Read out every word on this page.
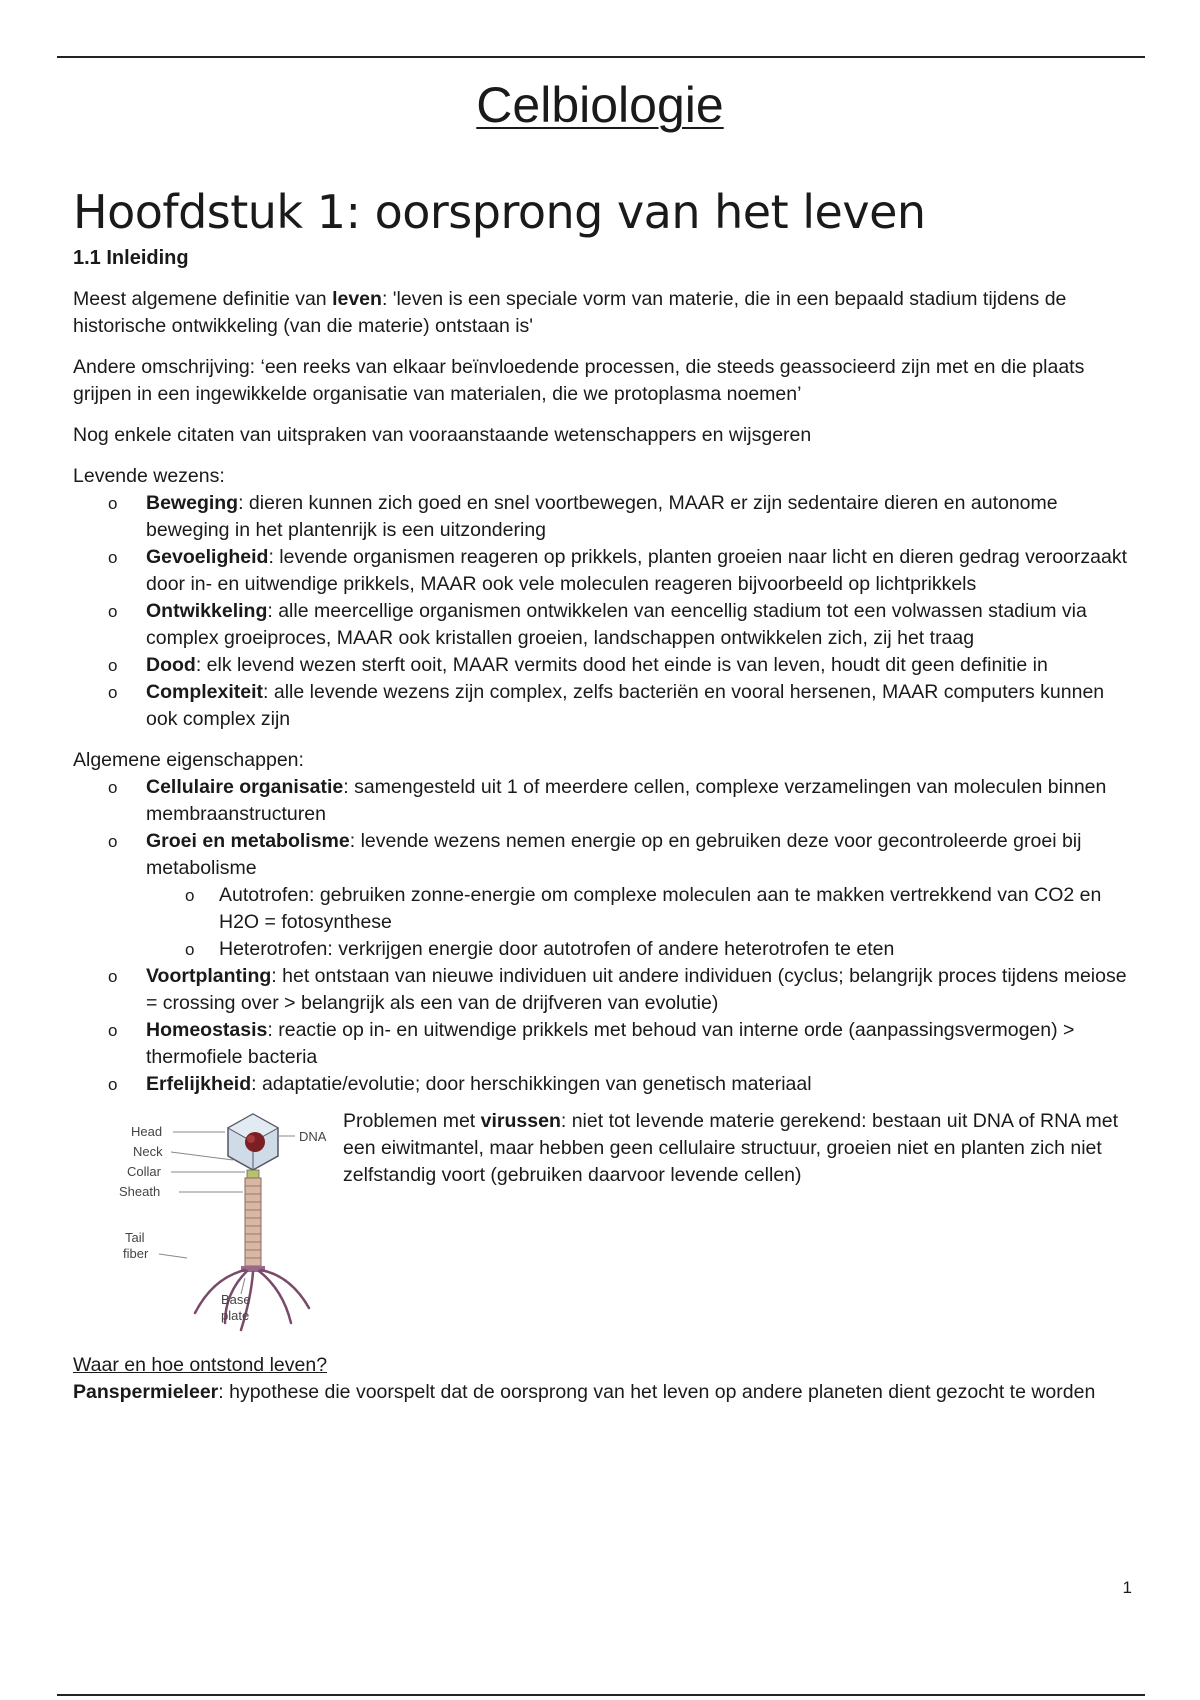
Celbiologie
Hoofdstuk 1: oorsprong van het leven
1.1 Inleiding

Meest algemene definitie van leven: 'leven is een speciale vorm van materie, die in een bepaald stadium tijdens de historische ontwikkeling (van die materie) ontstaan is'

Andere omschrijving: ‘een reeks van elkaar beïnvloedende processen, die steeds geassocieerd zijn met en die plaats grijpen in een ingewikkelde organisatie van materialen, die we protoplasma noemen’

Nog enkele citaten van uitspraken van vooraanstaande wetenschappers en wijsgeren

Levende wezens:

o Beweging: dieren kunnen zich goed en snel voortbewegen, MAAR er zijn sedentaire dieren en autonome beweging in het plantenrijk is een uitzondering
o Gevoeligheid: levende organismen reageren op prikkels, planten groeien naar licht en dieren gedrag veroorzaakt door in- en uitwendige prikkels, MAAR ook vele moleculen reageren bijvoorbeeld op lichtprikkels
o Ontwikkeling: alle meercellige organismen ontwikkelen van eencellig stadium tot een volwassen stadium via complex groeiproces, MAAR ook kristallen groeien, landschappen ontwikkelen zich, zij het traag
o Dood: elk levend wezen sterft ooit, MAAR vermits dood het einde is van leven, houdt dit geen definitie in
o Complexiteit: alle levende wezens zijn complex, zelfs bacteriën en vooral hersenen, MAAR computers kunnen ook complex zijn

Algemene eigenschappen:

o Cellulaire organisatie: samengesteld uit 1 of meerdere cellen, complexe verzamelingen van moleculen binnen membraanstructuren
o Groei en metabolisme: levende wezens nemen energie op en gebruiken deze voor gecontroleerde groei bij metabolisme
o Autotrofen: gebruiken zonne-energie om complexe moleculen aan te makken vertrekkend van CO2 en H2O = fotosynthese
o Heterotrofen: verkrijgen energie door autotrofen of andere heterotrofen te eten
o Voortplanting: het ontstaan van nieuwe individuen uit andere individuen (cyclus; belangrijk proces tijdens meiose = crossing over > belangrijk als een van de drijfveren van evolutie)
o Homeostasis: reactie op in- en uitwendige prikkels met behoud van interne orde (aanpassingsvermogen) > thermofiele bacteria
o Erfelijkheid: adaptatie/evolutie; door herschikkingen van genetisch materiaal
Head
Neck
Collar
Sheath
DNA
Tail
fiber
Base
plate

Problemen met virussen: niet tot levende materie gerekend: bestaan uit DNA of RNA met een eiwitmantel, maar hebben geen cellulaire structuur, groeien niet en planten zich niet zelfstandig voort (gebruiken daarvoor levende cellen)

Waar en hoe ontstond leven?

Panspermieleer: hypothese die voorspelt dat de oorsprong van het leven op andere planeten dient gezocht te worden

1
